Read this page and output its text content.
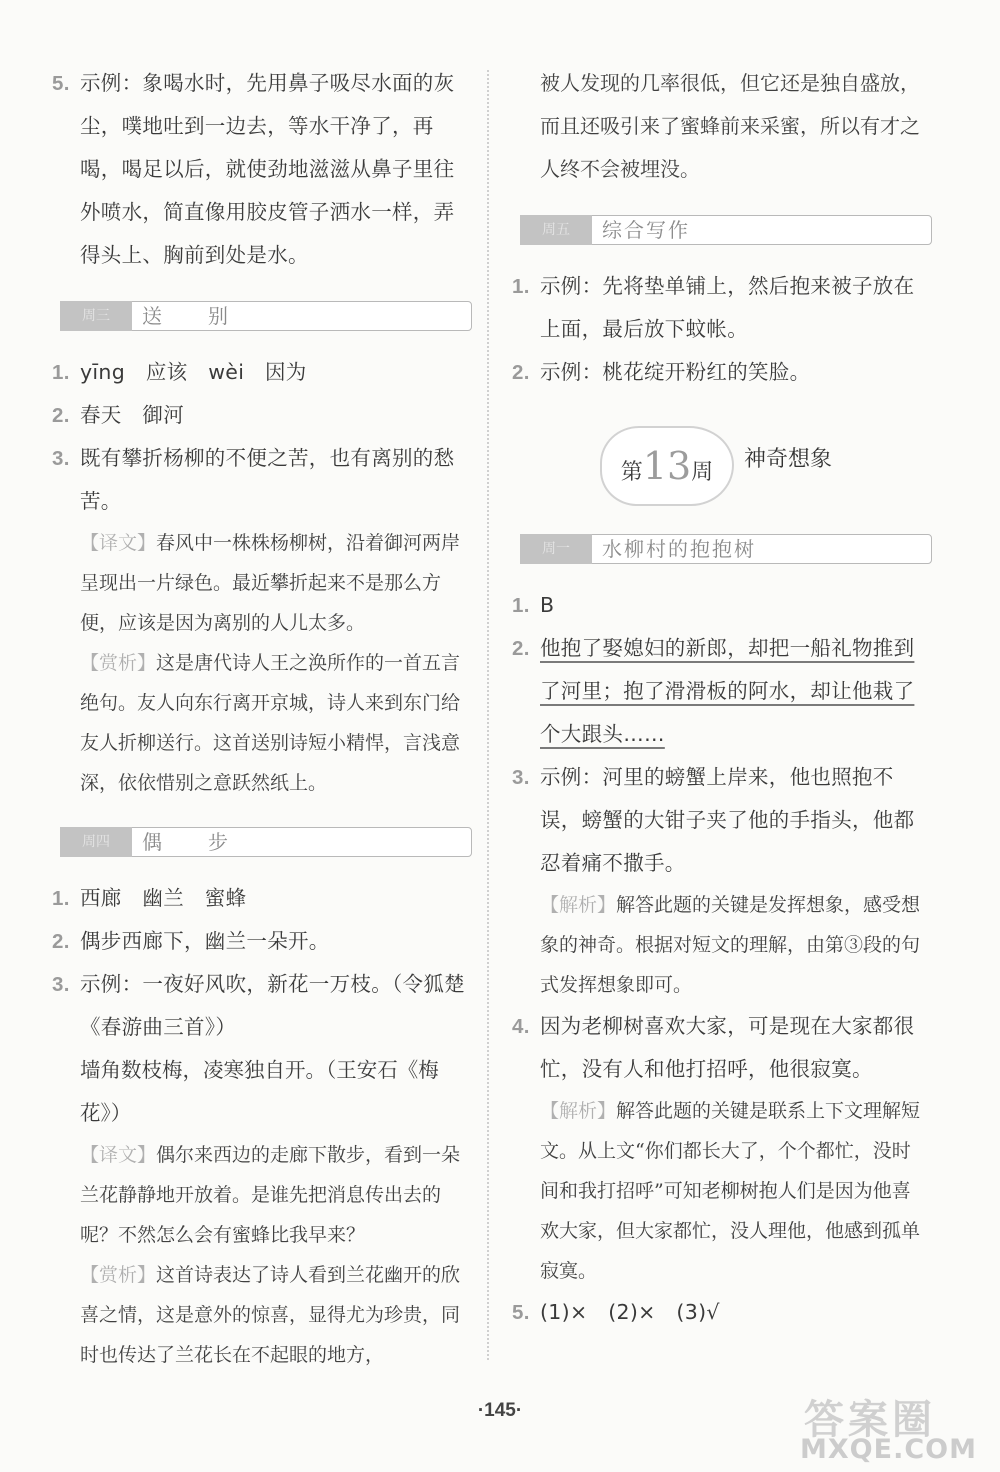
5. 示例：象喝水时，先用鼻子吸尽水面的灰尘，噗地吐到一边去，等水干净了，再喝，喝足以后，就使劲地滋滋从鼻子里往外喷水，简直像用胶皮管子洒水一样，弄得头上、胸前到处是水。
周三	送　　别
1. yīng　应该　wèi　因为
2. 春天　御河
3. 既有攀折杨柳的不便之苦，也有离别的愁苦。
【译文】春风中一株株杨柳树，沿着御河两岸呈现出一片绿色。最近攀折起来不是那么方便，应该是因为离别的人儿太多。
【赏析】这是唐代诗人王之涣所作的一首五言绝句。友人向东行离开京城，诗人来到东门给友人折柳送行。这首送别诗短小精悍，言浅意深，依依惜别之意跃然纸上。
周四	偶　　步
1. 西廊　幽兰　蜜蜂
2. 偶步西廊下，幽兰一朵开。
3. 示例：一夜好风吹，新花一万枝。（令狐楚《春游曲三首》）
墙角数枝梅，凌寒独自开。（王安石《梅花》）
【译文】偶尔来西边的走廊下散步，看到一朵兰花静静地开放着。是谁先把消息传出去的呢？不然怎么会有蜜蜂比我早来？
【赏析】这首诗表达了诗人看到兰花幽开的欣喜之情，这是意外的惊喜，显得尤为珍贵，同时也传达了兰花长在不起眼的地方，
被人发现的几率很低，但它还是独自盛放，而且还吸引来了蜜蜂前来采蜜，所以有才之人终不会被埋没。
周五	综合写作
1. 示例：先将垫单铺上，然后抱来被子放在上面，最后放下蚊帐。
2. 示例：桃花绽开粉红的笑脸。
第13周
神奇想象
周一	水柳村的抱抱树
1. B
2. 他抱了娶媳妇的新郎，却把一船礼物推到了河里；抱了滑滑板的阿水，却让他栽了个大跟头……
3. 示例：河里的螃蟹上岸来，他也照抱不误，螃蟹的大钳子夹了他的手指头，他都忍着痛不撒手。
【解析】解答此题的关键是发挥想象，感受想象的神奇。根据对短文的理解，由第③段的句式发挥想象即可。
4. 因为老柳树喜欢大家，可是现在大家都很忙，没有人和他打招呼，他很寂寞。
【解析】解答此题的关键是联系上下文理解短文。从上文“你们都长大了，个个都忙，没时间和我打招呼”可知老柳树抱人们是因为他喜欢大家，但大家都忙，没人理他，他感到孤单寂寞。
5. (1)×　(2)×　(3)√
·145·	答案圈
MXQE.COM
